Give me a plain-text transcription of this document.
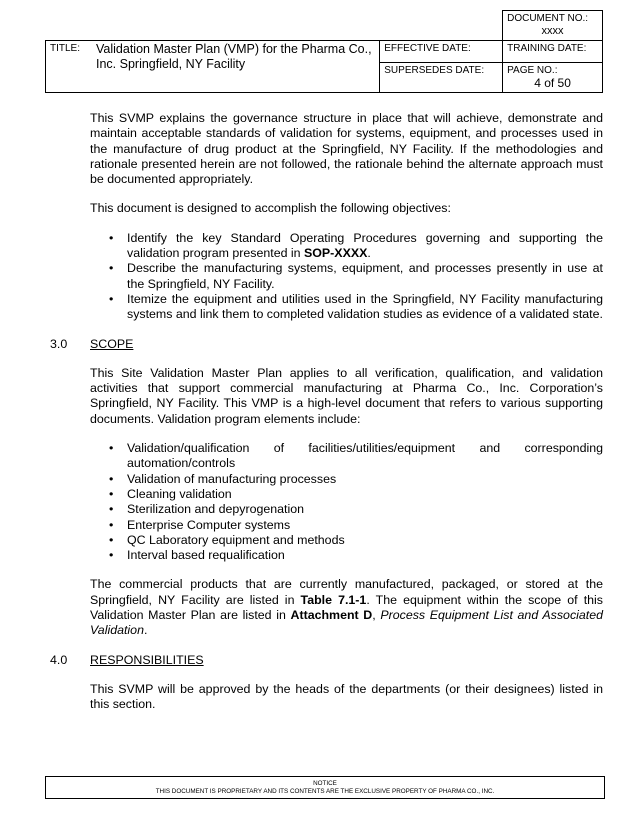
		DOCUMENT NO.:
xxxx

TITLE: Validation Master Plan (VMP) for the Pharma Co., Inc. Springfield, NY Facility	EFFECTIVE DATE:	TRAINING DATE:
	SUPERSEDES DATE:	PAGE NO.:
4 of 50

This SVMP explains the governance structure in place that will achieve, demonstrate and maintain acceptable standards of validation for systems, equipment, and processes used in the manufacture of drug product at the Springfield, NY Facility. If the methodologies and rationale presented herein are not followed, the rationale behind the alternate approach must be documented appropriately.

This document is designed to accomplish the following objectives:

• Identify the key Standard Operating Procedures governing and supporting the validation program presented in SOP-XXXX.
• Describe the manufacturing systems, equipment, and processes presently in use at the Springfield, NY Facility.
• Itemize the equipment and utilities used in the Springfield, NY Facility manufacturing systems and link them to completed validation studies as evidence of a validated state.
3.0	SCOPE

This Site Validation Master Plan applies to all verification, qualification, and validation activities that support commercial manufacturing at Pharma Co., Inc. Corporation’s Springfield, NY Facility. This VMP is a high-level document that refers to various supporting documents. Validation program elements include:

• Validation/qualification of facilities/utilities/equipment and corresponding automation/controls
• Validation of manufacturing processes
• Cleaning validation
• Sterilization and depyrogenation
• Enterprise Computer systems
• QC Laboratory equipment and methods
• Interval based requalification

The commercial products that are currently manufactured, packaged, or stored at the Springfield, NY Facility are listed in Table 7.1-1. The equipment within the scope of this Validation Master Plan are listed in Attachment D, Process Equipment List and Associated Validation.

4.0	RESPONSIBILITIES

This SVMP will be approved by the heads of the departments (or their designees) listed in this section.

NOTICE
THIS DOCUMENT IS PROPRIETARY AND ITS CONTENTS ARE THE EXCLUSIVE PROPERTY OF PHARMA CO., INC.
